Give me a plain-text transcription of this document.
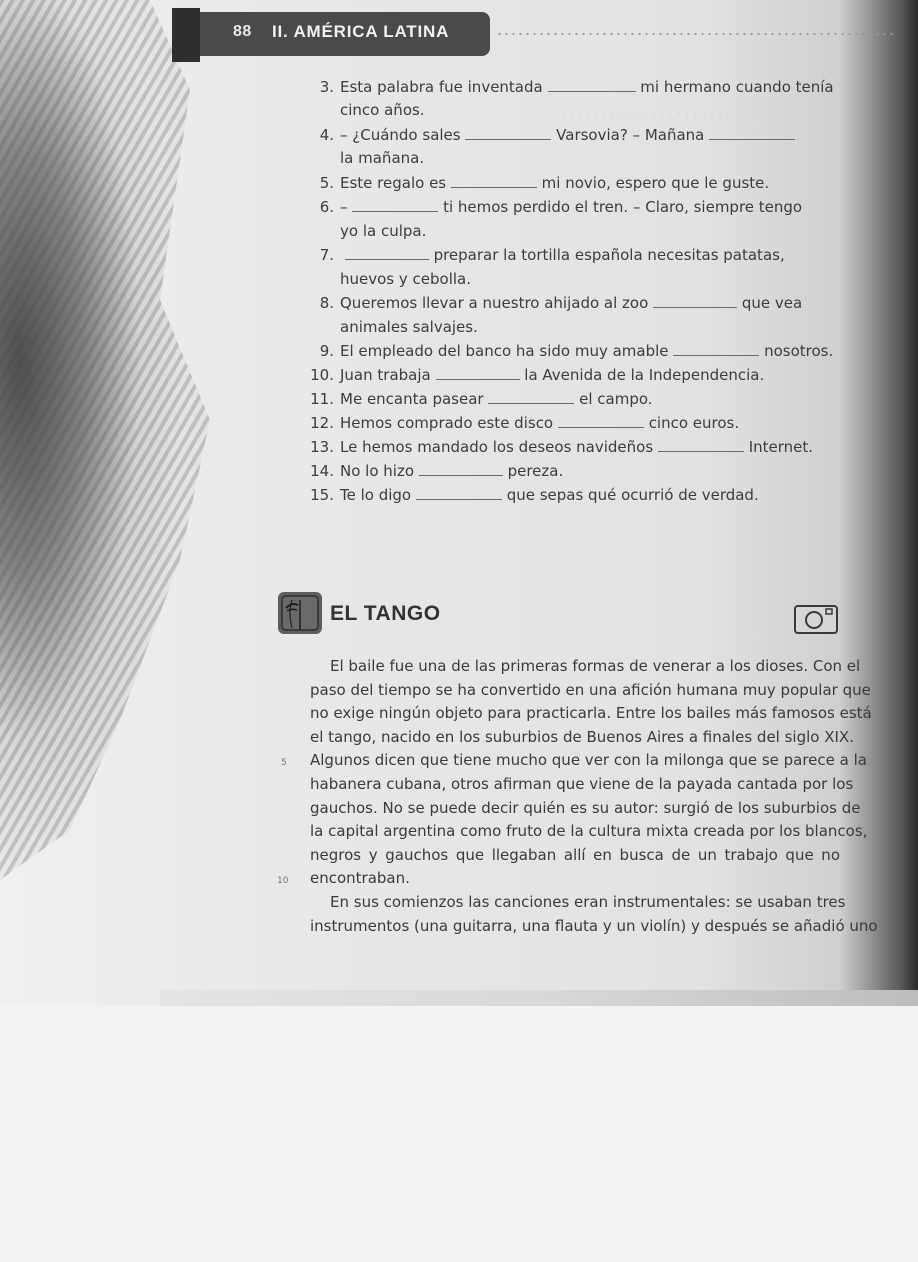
88 II. AMÉRICA LATINA
. . . . . . . . . . . . . . . . . . . . . . . . .
3. Esta palabra fue inventada	mi hermano cuando tenía
cinco años.
4. – ¿Cuándo sales	Varsovia? – Mañana
la mañana.
5. Este regalo es	mi novio, espero que le guste.
6. –	ti hemos perdido el tren. – Claro, siempre tengo
yo la culpa.
7.	preparar la tortilla española necesitas patatas,
huevos y cebolla.
8. Queremos llevar a nuestro ahijado al zoo	que vea
animales salvajes.
9. El empleado del banco ha sido muy amable	nosotros.
10. Juan trabaja	la Avenida de la Independencia.
11. Me encanta pasear	el campo.
12. Hemos comprado este disco	cinco euros.
13. Le hemos mandado los deseos navideños	Internet.
14. No lo hizo	pereza.
15. Te lo digo	que sepas qué ocurrió de verdad.
EL TANGO
El baile fue una de las primeras formas de venerar a los dioses. Con el
paso del tiempo se ha convertido en una afición humana muy popular que
no exige ningún objeto para practicarla. Entre los bailes más famosos está
el tango, nacido en los suburbios de Buenos Aires a finales del siglo XIX.
Algunos dicen que tiene mucho que ver con la milonga que se parece a la
habanera cubana, otros afirman que viene de la payada cantada por los
gauchos. No se puede decir quién es su autor: surgió de los suburbios de
la capital argentina como fruto de la cultura mixta creada por los blancos,
negros y gauchos que llegaban allí en busca de un trabajo que no
encontraban.
En sus comienzos las canciones eran instrumentales: se usaban tres
instrumentos (una guitarra, una flauta y un violín) y después se añadió uno
5
10
